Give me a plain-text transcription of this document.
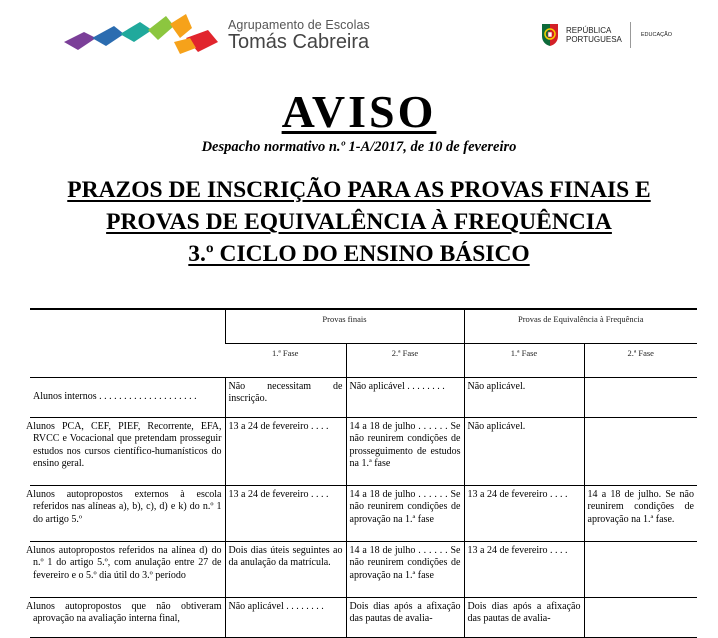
Agrupamento de Escolas
Tomás Cabreira
REPÚBLICA
PORTUGUESA	EDUCAÇÃO
AVISO
Despacho normativo n.º 1-A/2017, de 10 de fevereiro
PRAZOS DE INSCRIÇÃO PARA AS PROVAS FINAIS E
PROVAS DE EQUIVALÊNCIA À FREQUÊNCIA
3.º CICLO DO ENSINO BÁSICO
	Provas finais		Provas de Equivalência à Frequência	
	1.ª Fase	2.ª Fase	1.ª Fase	2.ª Fase
Alunos internos . . . . . . . . . . . . . . . . . . . .	Não necessitam de inscrição.	Não aplicável . . . . . . . .	Não aplicável.	
Alunos PCA, CEF, PIEF, Recorrente, EFA, RVCC e Vocacional que pretendam prosseguir estudos nos cursos científico-humanísticos do ensino geral.	13 a 24 de fevereiro . . . .	14 a 18 de julho . . . . . . Se não reunirem condições de prosseguimento de estudos na 1.ª fase	Não aplicável.	
Alunos autopropostos externos à escola referidos nas alíneas a), b), c), d) e k) do n.º 1 do artigo 5.º	13 a 24 de fevereiro . . . .	14 a 18 de julho . . . . . . Se não reunirem condições de aprovação na 1.ª fase	13 a 24 de fevereiro . . . .	14 a 18 de julho. Se não reunirem condições de aprovação na 1.ª fase.
Alunos autopropostos referidos na alínea d) do n.º 1 do artigo 5.º, com anulação entre 27 de fevereiro e o 5.º dia útil do 3.º período	Dois dias úteis seguintes ao da anulação da matrícula.	14 a 18 de julho . . . . . . Se não reunirem condições de aprovação na 1.ª fase	13 a 24 de fevereiro . . . .	
Alunos autopropostos que não obtiveram aprovação na avaliação interna final,	Não aplicável . . . . . . . .	Dois dias após a afixação das pautas de avalia-	Dois dias após a afixação das pautas de avalia-	
